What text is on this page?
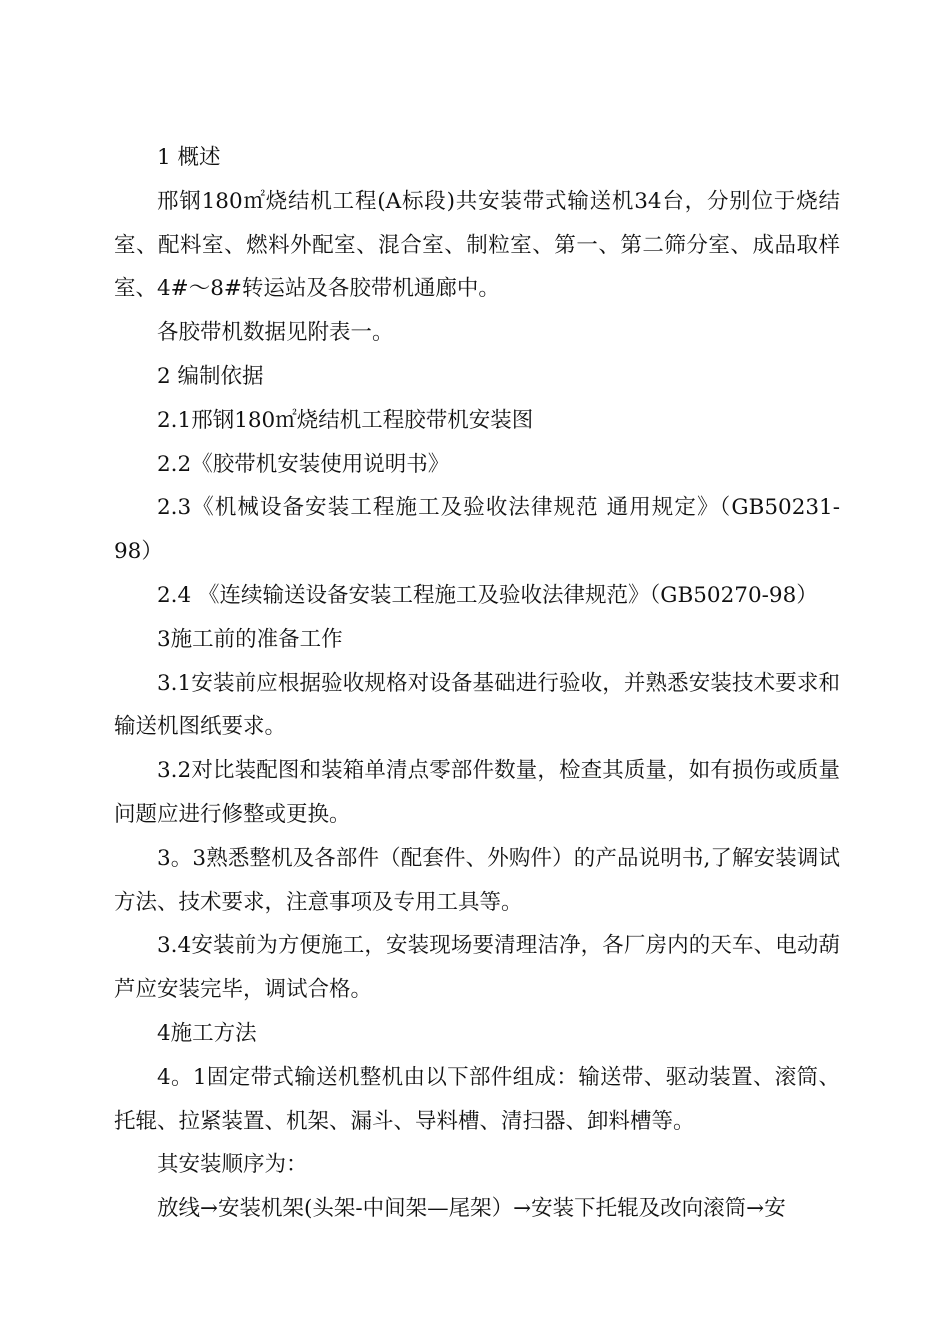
1 概述

邢钢180㎡烧结机工程(A标段)共安装带式输送机34台，分别位于烧结室、配料室、燃料外配室、混合室、制粒室、第一、第二筛分室、成品取样室、4#～8#转运站及各胶带机通廊中。

各胶带机数据见附表一。

2 编制依据

2.1邢钢180㎡烧结机工程胶带机安装图

2.2《胶带机安装使用说明书》

2.3《机械设备安装工程施工及验收法律规范 通用规定》（GB50231-98）

2.4 《连续输送设备安装工程施工及验收法律规范》（GB50270-98）

3施工前的准备工作

3.1安装前应根据验收规格对设备基础进行验收，并熟悉安装技术要求和输送机图纸要求。

3.2对比装配图和装箱单清点零部件数量，检查其质量，如有损伤或质量问题应进行修整或更换。

3。3熟悉整机及各部件（配套件、外购件）的产品说明书,了解安装调试方法、技术要求，注意事项及专用工具等。

3.4安装前为方便施工，安装现场要清理洁净，各厂房内的天车、电动葫芦应安装完毕，调试合格。

4施工方法

4。1固定带式输送机整机由以下部件组成：输送带、驱动装置、滚筒、托辊、拉紧装置、机架、漏斗、导料槽、清扫器、卸料槽等。

其安装顺序为：

放线→安装机架(头架-中间架—尾架）→安装下托辊及改向滚筒→安
